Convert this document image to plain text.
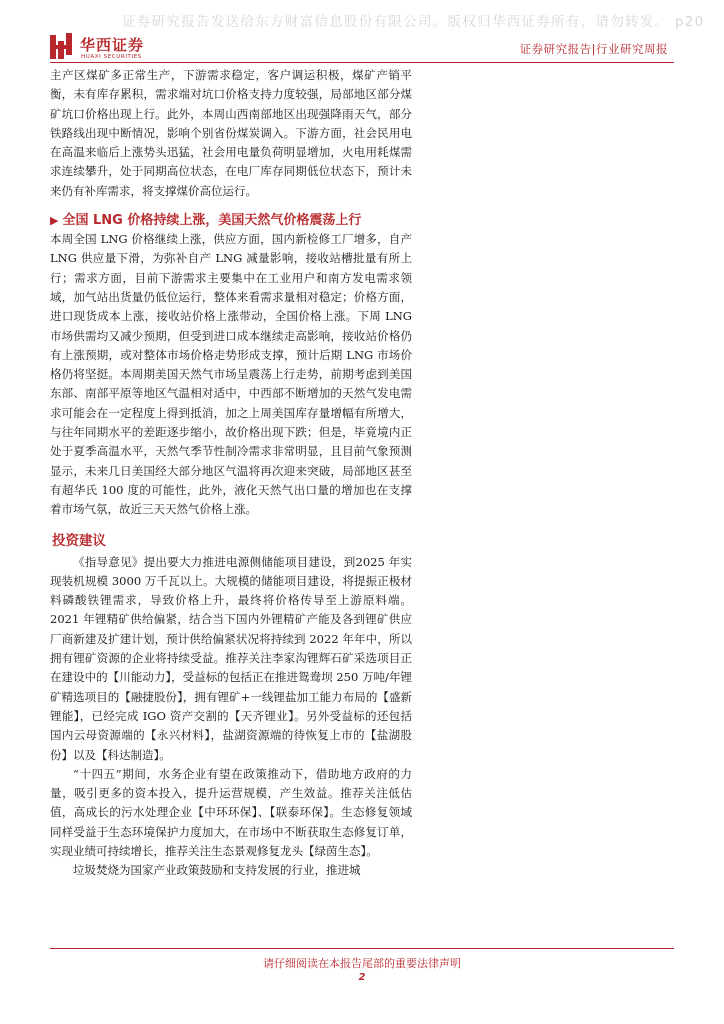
证券研究报告发送给东方财富信息股份有限公司。版权归华西证券所有，请勿转发。 p20
华西证券
HUAXI SECURITIES
证券研究报告|行业研究周报

主产区煤矿多正常生产，下游需求稳定，客户调运积极，煤矿产销平衡，未有库存累积，需求端对坑口价格支持力度较强，局部地区部分煤矿坑口价格出现上行。此外，本周山西南部地区出现强降雨天气，部分铁路线出现中断情况，影响个别省份煤炭调入。下游方面，社会民用电在高温来临后上涨势头迅猛，社会用电量负荷明显增加，火电用耗煤需求连续攀升，处于同期高位状态，在电厂库存同期低位状态下，预计未来仍有补库需求，将支撑煤价高位运行。

▶ 全国 LNG 价格持续上涨，美国天然气价格震荡上行

本周全国 LNG 价格继续上涨，供应方面，国内新检修工厂增多，自产 LNG 供应量下滑，为弥补自产 LNG 减量影响，接收站槽批量有所上行；需求方面，目前下游需求主要集中在工业用户和南方发电需求领域，加气站出货量仍低位运行，整体来看需求量相对稳定；价格方面，进口现货成本上涨，接收站价格上涨带动，全国价格上涨。下周 LNG 市场供需均又减少预期，但受到进口成本继续走高影响，接收站价格仍有上涨预期，或对整体市场价格走势形成支撑，预计后期 LNG 市场价格仍将坚挺。本周期美国天然气市场呈震荡上行走势，前期考虑到美国东部、南部平原等地区气温相对适中，中西部不断增加的天然气发电需求可能会在一定程度上得到抵消，加之上周美国库存量增幅有所增大，与往年同期水平的差距逐步缩小，故价格出现下跌；但是，毕竟境内正处于夏季高温水平，天然气季节性制冷需求非常明显，且目前气象预测显示，未来几日美国经大部分地区气温将再次迎来突破，局部地区甚至有超华氏 100 度的可能性，此外，液化天然气出口量的增加也在支撑着市场气氛，故近三天天然气价格上涨。

投资建议

《指导意见》提出要大力推进电源侧储能项目建设，到2025 年实现装机规模 3000 万千瓦以上。大规模的储能项目建设，将提振正极材料磷酸铁锂需求，导致价格上升，最终将价格传导至上游原料端。2021 年锂精矿供给偏紧，结合当下国内外锂精矿产能及各到锂矿供应厂商新建及扩建计划，预计供给偏紧状况将持续到 2022 年年中，所以拥有锂矿资源的企业将持续受益。推荐关注李家沟锂辉石矿采选项目正在建设中的【川能动力】，受益标的包括正在推进鸳鸯坝 250 万吨/年锂矿精选项目的【融捷股份】，拥有锂矿+一线锂盐加工能力布局的【盛新锂能】，已经完成 IGO 资产交割的【天齐锂业】。另外受益标的还包括国内云母资源端的【永兴材料】，盐湖资源端的待恢复上市的【盐湖股份】以及【科达制造】。

“十四五”期间，水务企业有望在政策推动下，借助地方政府的力量，吸引更多的资本投入，提升运营规模，产生效益。推荐关注低估值，高成长的污水处理企业【中环环保】、【联泰环保】。生态修复领域同样受益于生态环境保护力度加大，在市场中不断获取生态修复订单，实现业绩可持续增长，推荐关注生态景观修复龙头【绿茵生态】。

垃圾焚烧为国家产业政策鼓励和支持发展的行业，推进城

请仔细阅读在本报告尾部的重要法律声明
2
